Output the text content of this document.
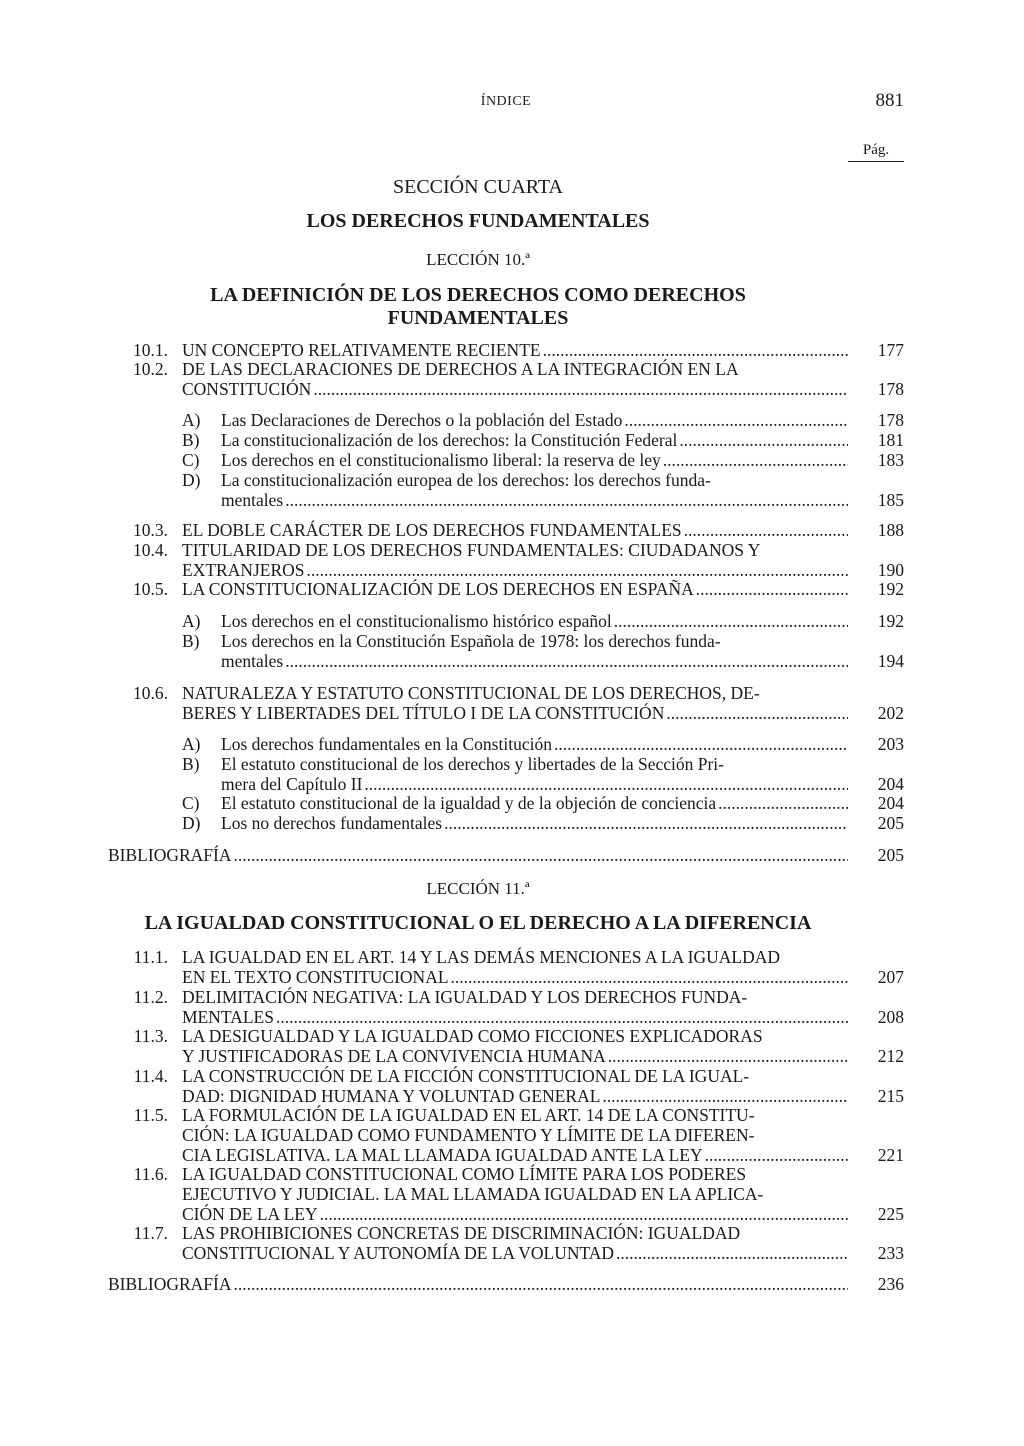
ÍNDICE	881
Pág.
SECCIÓN CUARTA
LOS DERECHOS FUNDAMENTALES
LECCIÓN 10.ª
LA DEFINICIÓN DE LOS DERECHOS COMO DERECHOS
FUNDAMENTALES
10.1. UN CONCEPTO RELATIVAMENTE RECIENTE .....	177
10.2. DE LAS DECLARACIONES DE DERECHOS A LA INTEGRACIÓN EN LA
CONSTITUCIÓN .....	178
A)	Las Declaraciones de Derechos o la población del Estado .....	178
B)	La constitucionalización de los derechos: la Constitución Federal .....	181
C)	Los derechos en el constitucionalismo liberal: la reserva de ley .....	183
D)	La constitucionalización europea de los derechos: los derechos funda-
mentales .....	185
10.3. EL DOBLE CARÁCTER DE LOS DERECHOS FUNDAMENTALES .....	188
10.4. TITULARIDAD DE LOS DERECHOS FUNDAMENTALES: CIUDADANOS Y
EXTRANJEROS .....	190
10.5. LA CONSTITUCIONALIZACIÓN DE LOS DERECHOS EN ESPAÑA .....	192
A)	Los derechos en el constitucionalismo histórico español .....	192
B)	Los derechos en la Constitución Española de 1978: los derechos funda-
mentales .....	194
10.6. NATURALEZA Y ESTATUTO CONSTITUCIONAL DE LOS DERECHOS, DE-
BERES Y LIBERTADES DEL TÍTULO I DE LA CONSTITUCIÓN .....	202
A)	Los derechos fundamentales en la Constitución .....	203
B)	El estatuto constitucional de los derechos y libertades de la Sección Pri-
mera del Capítulo II .....	204
C)	El estatuto constitucional de la igualdad y de la objeción de conciencia .....	204
D)	Los no derechos fundamentales .....	205
BIBLIOGRAFÍA .....	205
LECCIÓN 11.ª
LA IGUALDAD CONSTITUCIONAL O EL DERECHO A LA DIFERENCIA
11.1. LA IGUALDAD EN EL ART. 14 Y LAS DEMÁS MENCIONES A LA IGUALDAD
EN EL TEXTO CONSTITUCIONAL .....	207
11.2. DELIMITACIÓN NEGATIVA: LA IGUALDAD Y LOS DERECHOS FUNDA-
MENTALES .....	208
11.3. LA DESIGUALDAD Y LA IGUALDAD COMO FICCIONES EXPLICADORAS
Y JUSTIFICADORAS DE LA CONVIVENCIA HUMANA .....	212
11.4. LA CONSTRUCCIÓN DE LA FICCIÓN CONSTITUCIONAL DE LA IGUAL-
DAD: DIGNIDAD HUMANA Y VOLUNTAD GENERAL .....	215
11.5. LA FORMULACIÓN DE LA IGUALDAD EN EL ART. 14 DE LA CONSTITU-
CIÓN: LA IGUALDAD COMO FUNDAMENTO Y LÍMITE DE LA DIFEREN-
CIA LEGISLATIVA. LA MAL LLAMADA IGUALDAD ANTE LA LEY .....	221
11.6. LA IGUALDAD CONSTITUCIONAL COMO LÍMITE PARA LOS PODERES
EJECUTIVO Y JUDICIAL. LA MAL LLAMADA IGUALDAD EN LA APLICA-
CIÓN DE LA LEY .....	225
11.7. LAS PROHIBICIONES CONCRETAS DE DISCRIMINACIÓN: IGUALDAD
CONSTITUCIONAL Y AUTONOMÍA DE LA VOLUNTAD .....	233
BIBLIOGRAFÍA .....	236
